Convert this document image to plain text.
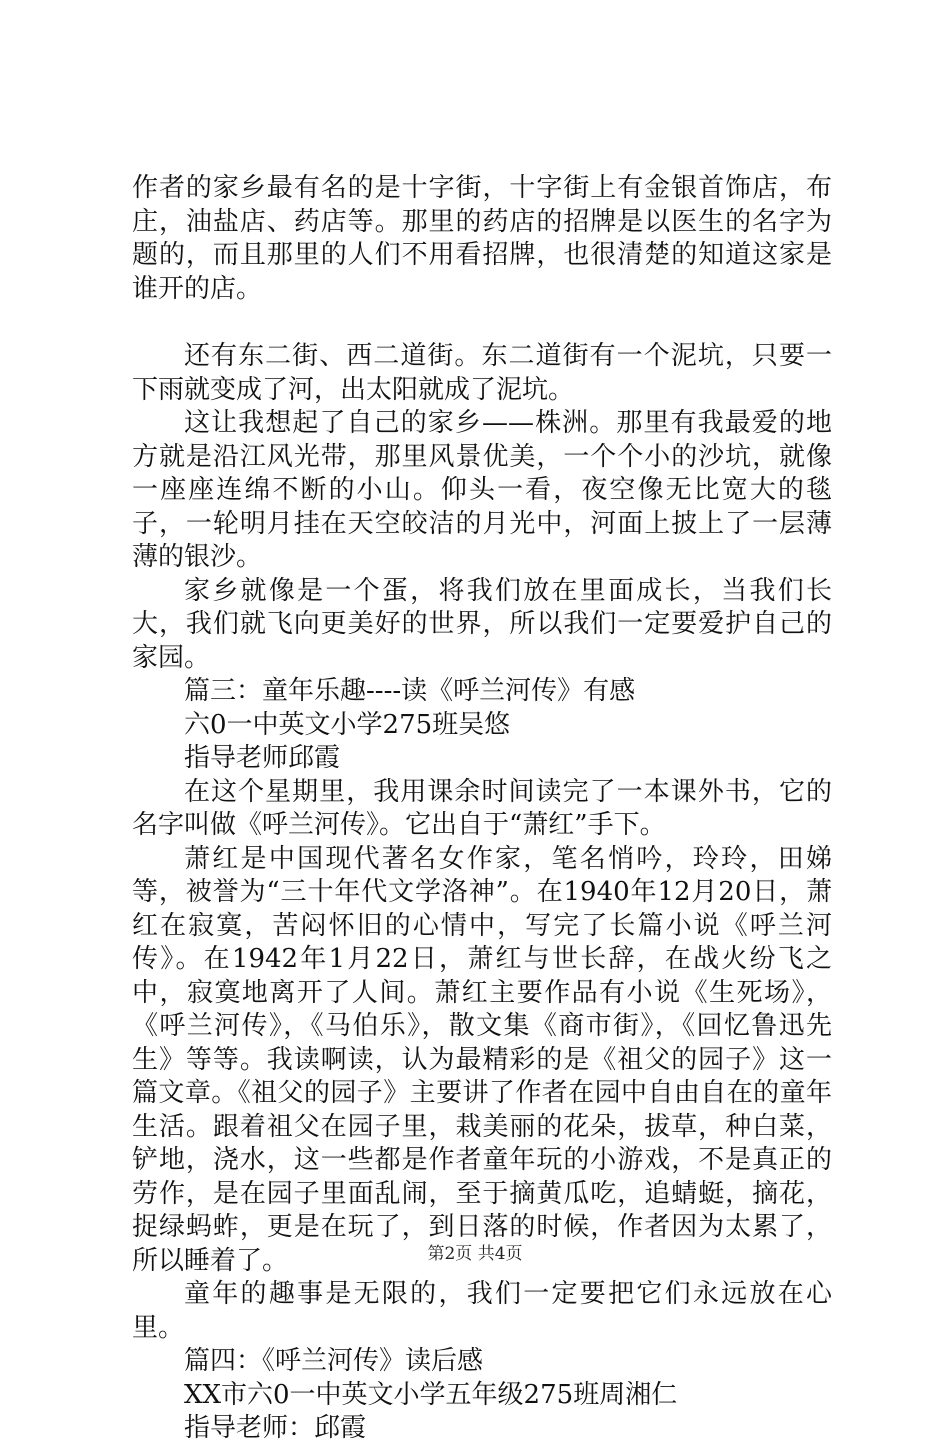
作者的家乡最有名的是十字街，十字街上有金银首饰店，布庄，油盐店、药店等。那里的药店的招牌是以医生的名字为题的，而且那里的人们不用看招牌，也很清楚的知道这家是谁开的店。

还有东二街、西二道街。东二道街有一个泥坑，只要一下雨就变成了河，出太阳就成了泥坑。

这让我想起了自己的家乡——株洲。那里有我最爱的地方就是沿江风光带，那里风景优美，一个个小的沙坑，就像一座座连绵不断的小山。仰头一看，夜空像无比宽大的毯子，一轮明月挂在天空皎洁的月光中，河面上披上了一层薄薄的银沙。

家乡就像是一个蛋，将我们放在里面成长，当我们长大，我们就飞向更美好的世界，所以我们一定要爱护自己的家园。

篇三：童年乐趣----读《呼兰河传》有感

六0一中英文小学275班吴悠

指导老师邱霞

在这个星期里，我用课余时间读完了一本课外书，它的名字叫做《呼兰河传》。它出自于“萧红”手下。

萧红是中国现代著名女作家，笔名悄吟，玲玲，田娣等，被誉为“三十年代文学洛神”。在1940年12月20日，萧红在寂寞，苦闷怀旧的心情中，写完了长篇小说《呼兰河传》。在1942年1月22日，萧红与世长辞，在战火纷飞之中，寂寞地离开了人间。萧红主要作品有小说《生死场》，《呼兰河传》，《马伯乐》，散文集《商市街》，《回忆鲁迅先生》等等。我读啊读，认为最精彩的是《祖父的园子》这一篇文章。《祖父的园子》主要讲了作者在园中自由自在的童年生活。跟着祖父在园子里，栽美丽的花朵，拔草，种白菜，铲地，浇水，这一些都是作者童年玩的小游戏，不是真正的劳作，是在园子里面乱闹，至于摘黄瓜吃，追蜻蜓，摘花，捉绿蚂蚱，更是在玩了，到日落的时候，作者因为太累了，所以睡着了。

童年的趣事是无限的，我们一定要把它们永远放在心里。

篇四：《呼兰河传》读后感

XX市六0一中英文小学五年级275班周湘仁

指导老师：邱霞

第2页 共4页
